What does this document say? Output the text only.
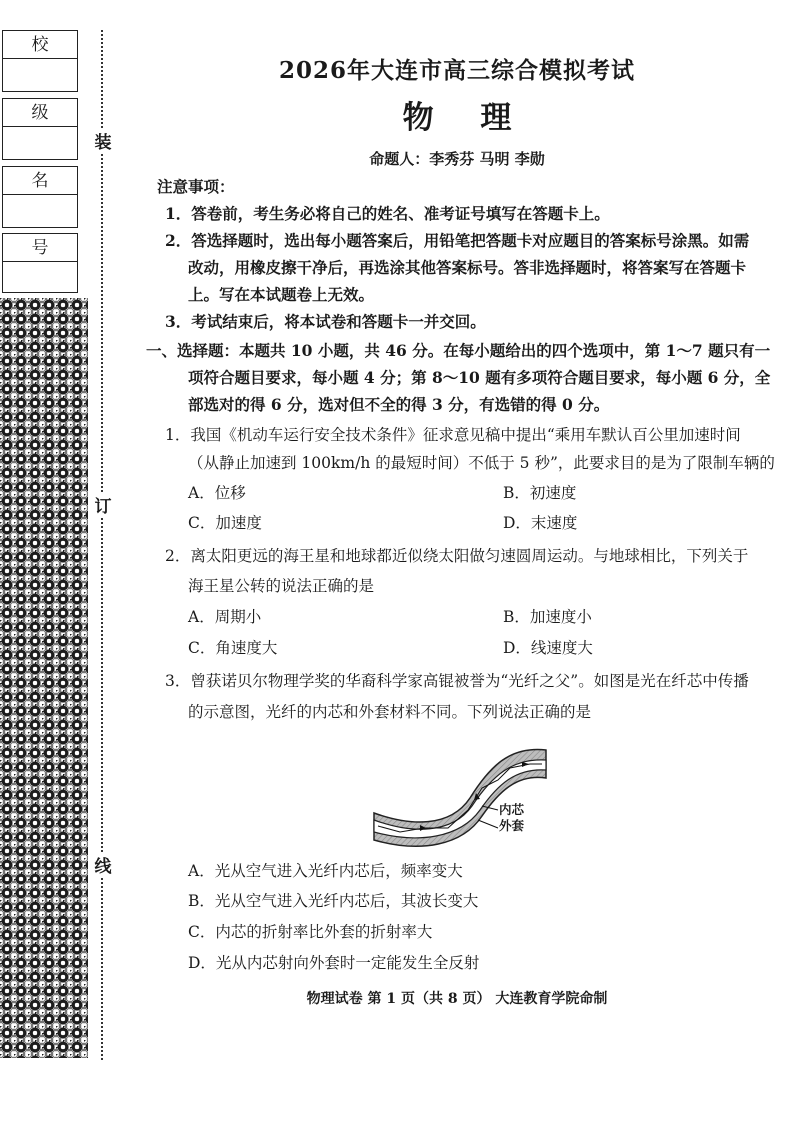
校
级
名
号
装
订
线
2026年大连市高三综合模拟考试
物 理
命题人：李秀芬 马明 李勋
注意事项：
1．答卷前，考生务必将自己的姓名、准考证号填写在答题卡上。
2．答选择题时，选出每小题答案后，用铅笔把答题卡对应题目的答案标号涂黑。如需
改动，用橡皮擦干净后，再选涂其他答案标号。答非选择题时，将答案写在答题卡
上。写在本试题卷上无效。
3．考试结束后，将本试卷和答题卡一并交回。
一、选择题：本题共 10 小题，共 46 分。在每小题给出的四个选项中，第 1～7 题只有一
项符合题目要求，每小题 4 分；第 8～10 题有多项符合题目要求，每小题 6 分，全
部选对的得 6 分，选对但不全的得 3 分，有选错的得 0 分。
1．我国《机动车运行安全技术条件》征求意见稿中提出“乘用车默认百公里加速时间
（从静止加速到 100km/h 的最短时间）不低于 5 秒”，此要求目的是为了限制车辆的
A．位移	B．初速度
C．加速度	D．末速度
2．离太阳更远的海王星和地球都近似绕太阳做匀速圆周运动。与地球相比，下列关于
海王星公转的说法正确的是
A．周期小	B．加速度小
C．角速度大	D．线速度大
3．曾获诺贝尔物理学奖的华裔科学家高锟被誉为“光纤之父”。如图是光在纤芯中传播
的示意图，光纤的内芯和外套材料不同。下列说法正确的是
内芯
外套
A．光从空气进入光纤内芯后，频率变大
B．光从空气进入光纤内芯后，其波长变大
C．内芯的折射率比外套的折射率大
D．光从内芯射向外套时一定能发生全反射
物理试卷 第 1 页（共 8 页） 大连教育学院命制
